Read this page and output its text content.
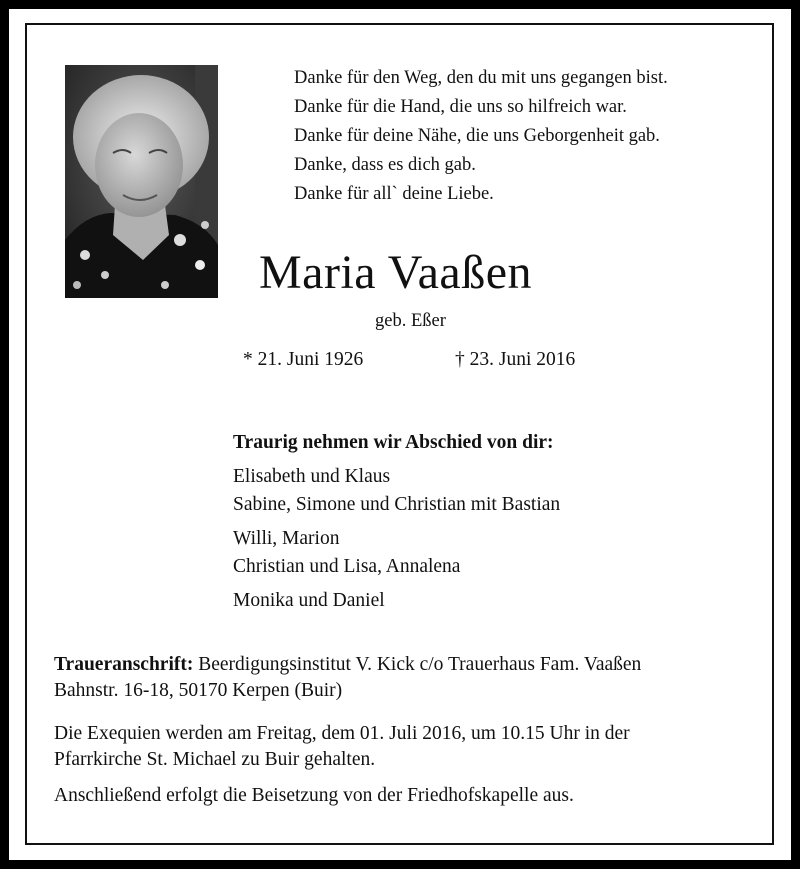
Danke für den Weg, den du mit uns gegangen bist.
Danke für die Hand, die uns so hilfreich war.
Danke für deine Nähe, die uns Geborgenheit gab.
Danke, dass es dich gab.
Danke für all` deine Liebe.
Maria Vaaßen
geb. Eßer
* 21. Juni 1926	† 23. Juni 2016
Traurig nehmen wir Abschied von dir:
Elisabeth und Klaus
Sabine, Simone und Christian mit Bastian
Willi, Marion
Christian und Lisa, Annalena
Monika und Daniel
Traueranschrift: Beerdigungsinstitut V. Kick c/o Trauerhaus Fam. Vaaßen
Bahnstr. 16-18, 50170 Kerpen (Buir)
Die Exequien werden am Freitag, dem 01. Juli 2016, um 10.15 Uhr in der
Pfarrkirche St. Michael zu Buir gehalten.
Anschließend erfolgt die Beisetzung von der Friedhofskapelle aus.
